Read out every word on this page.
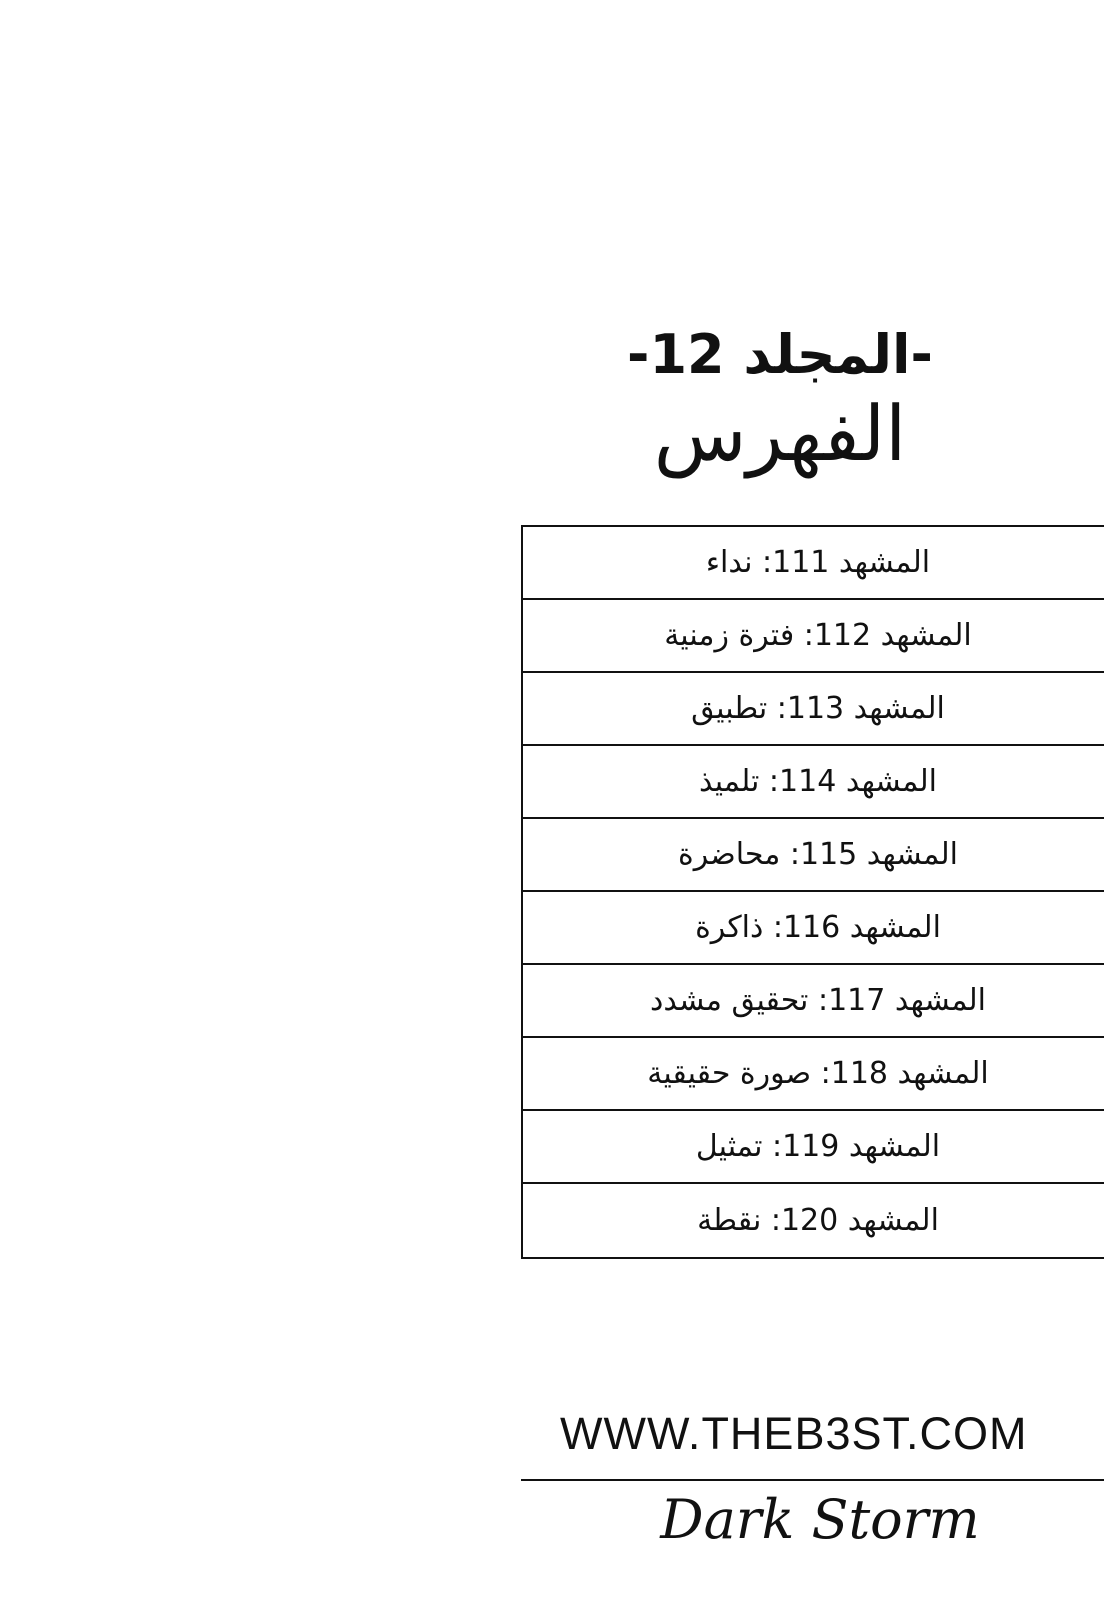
-المجلد 12-
الفهرس
المشهد 111: نداء
المشهد 112: فترة زمنية
المشهد 113: تطبيق
المشهد 114: تلميذ
المشهد 115: محاضرة
المشهد 116: ذاكرة
المشهد 117: تحقيق مشدد
المشهد 118: صورة حقيقية
المشهد 119: تمثيل
المشهد 120: نقطة
WWW.THEB3ST.COM
Dark Storm
